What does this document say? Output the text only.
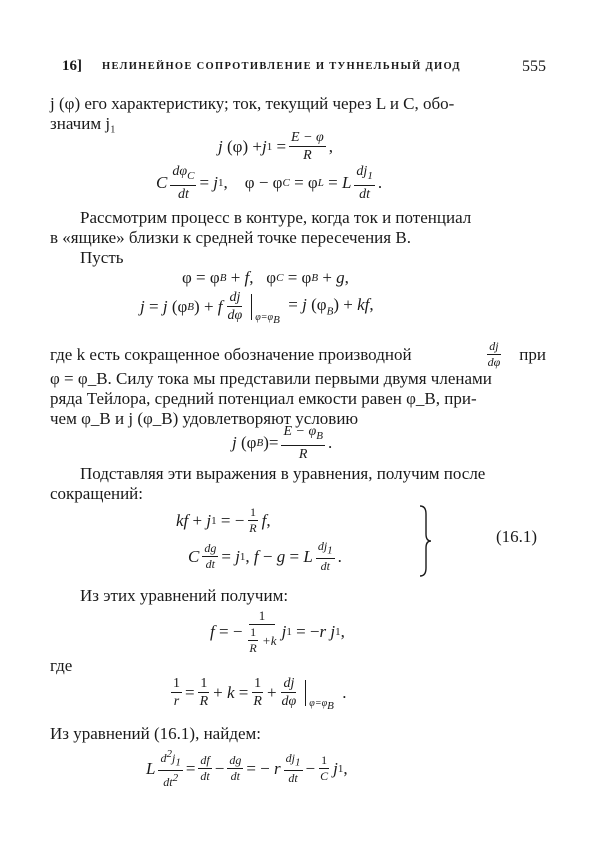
16] НЕЛИНЕЙНОЕ СОПРОТИВЛЕНИЕ И ТУННЕЛЬНЫЙ ДИОД	555
j (φ) его характеристику; ток, текущий через L и C, обо-
значим j₁
j (φ) + j $1 = \frac{E - \varphi}{R}$ ,
C $\frac{d\varphi_C}{dt} = j$ 1 ,    φ − φ C = φ L = L $\frac{dj_1}{dt}$ .
Рассмотрим процесс в контуре, когда ток и потенциал
в «ящике» близки к средней точке пересечения B.
Пусть
φ = φ B + f ,   φ C = φ B + g ,
j = j (φ B ) + f $\frac{dj}{d\varphi} \varphi=\varphi_B$
= j $(\varphi_B)$ + kf,
где k есть сокращенное обозначение производной	$\frac{dj}{d\varphi}$ при
φ = φ_B. Силу тока мы представили первыми двумя членами
ряда Тейлора, средний потенциал емкости равен φ_B, при-
чем φ_B и j (φ_B) удовлетворяют условию
j (φ B )= $\frac{E - \varphi_B}{R}$ .
Подставляя эти выражения в уравнения, получим после
сокращений:
kf + j 1 = − $\frac{1}{R}$ f ,
C $\frac{dg}{dt} = j$ 1 , f − g = L $\frac{dj_1}{dt}$ .
(16.1)
Из этих уравнений получим:
f = − $\frac{1}{\frac{1}{R} + k}$ j 1 = − r j 1 ,
где
$\frac{1}{r} = \frac{1}{R} + k = \frac{1}{R} + \frac{dj}{d\varphi} \varphi=\varphi_B$
.
Из уравнений (16.1), найдем:
L $\frac{d^2j_1}{dt^2} = \frac{df}{dt} - \frac{dg}{dt}$ = − r $\frac{dj_1}{dt} - \frac{1}{C}$ j 1 ,
